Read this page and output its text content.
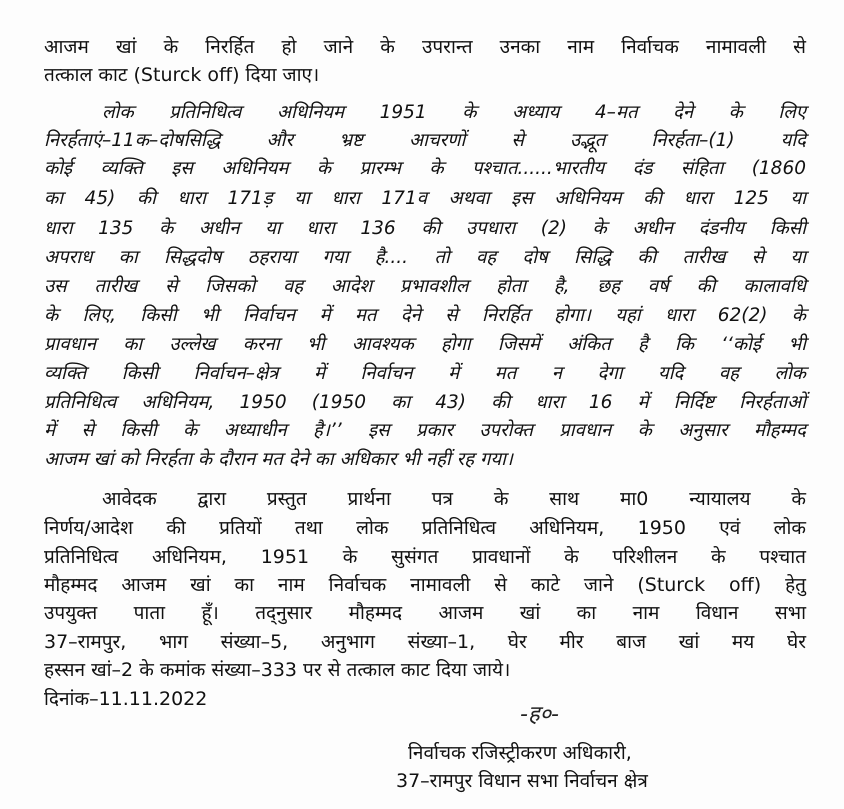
आजम खां के निरर्हित हो जाने के उपरान्त उनका नाम निर्वाचक नामावली से
तत्काल काट (Sturck off) दिया जाए।
लोक प्रतिनिधित्व अधिनियम 1951 के अध्याय 4–मत देने के लिए
निरर्हताएं–11क–दोषसिद्धि और भ्रष्ट आचरणों से उद्भूत निरर्हता–(1) यदि
कोई व्यक्ति इस अधिनियम के प्रारम्भ के पश्चात......भारतीय दंड संहिता (1860
का 45) की धारा 171ड़ या धारा 171व अथवा इस अधिनियम की धारा 125 या
धारा 135 के अधीन या धारा 136 की उपधारा (2) के अधीन दंडनीय किसी
अपराध का सिद्धदोष ठहराया गया है.... तो वह दोष सिद्धि की तारीख से या
उस तारीख से जिसको वह आदेश प्रभावशील होता है, छह वर्ष की कालावधि
के लिए, किसी भी निर्वाचन में मत देने से निरर्हित होगा। यहां धारा 62(2) के
प्रावधान का उल्लेख करना भी आवश्यक होगा जिसमें अंकित है कि ‘‘कोई भी
व्यक्ति किसी निर्वाचन–क्षेत्र में निर्वाचन में मत न देगा यदि वह लोक
प्रतिनिधित्व अधिनियम, 1950 (1950 का 43) की धारा 16 में निर्दिष्ट निरर्हताओं
में से किसी के अध्याधीन है।’’ इस प्रकार उपरोक्त प्रावधान के अनुसार मौहम्मद
आजम खां को निरर्हता के दौरान मत देने का अधिकार भी नहीं रह गया।
आवेदक द्वारा प्रस्तुत प्रार्थना पत्र के साथ मा0 न्यायालय के
निर्णय/आदेश की प्रतियों तथा लोक प्रतिनिधित्व अधिनियम, 1950 एवं लोक
प्रतिनिधित्व अधिनियम, 1951 के सुसंगत प्रावधानों के परिशीलन के पश्चात
मौहम्मद आजम खां का नाम निर्वाचक नामावली से काटे जाने (Sturck off) हेतु
उपयुक्त पाता हूँ। तद्नुसार मौहम्मद आजम खां का नाम विधान सभा
37–रामपुर, भाग संख्या–5, अनुभाग संख्या–1, घेर मीर बाज खां मय घेर
हस्सन खां–2 के कमांक संख्या–333 पर से तत्काल काट दिया जाये।
दिनांक–11.11.2022
-ह०-
निर्वाचक रजिस्ट्रीकरण अधिकारी,
37–रामपुर विधान सभा निर्वाचन क्षेत्र
